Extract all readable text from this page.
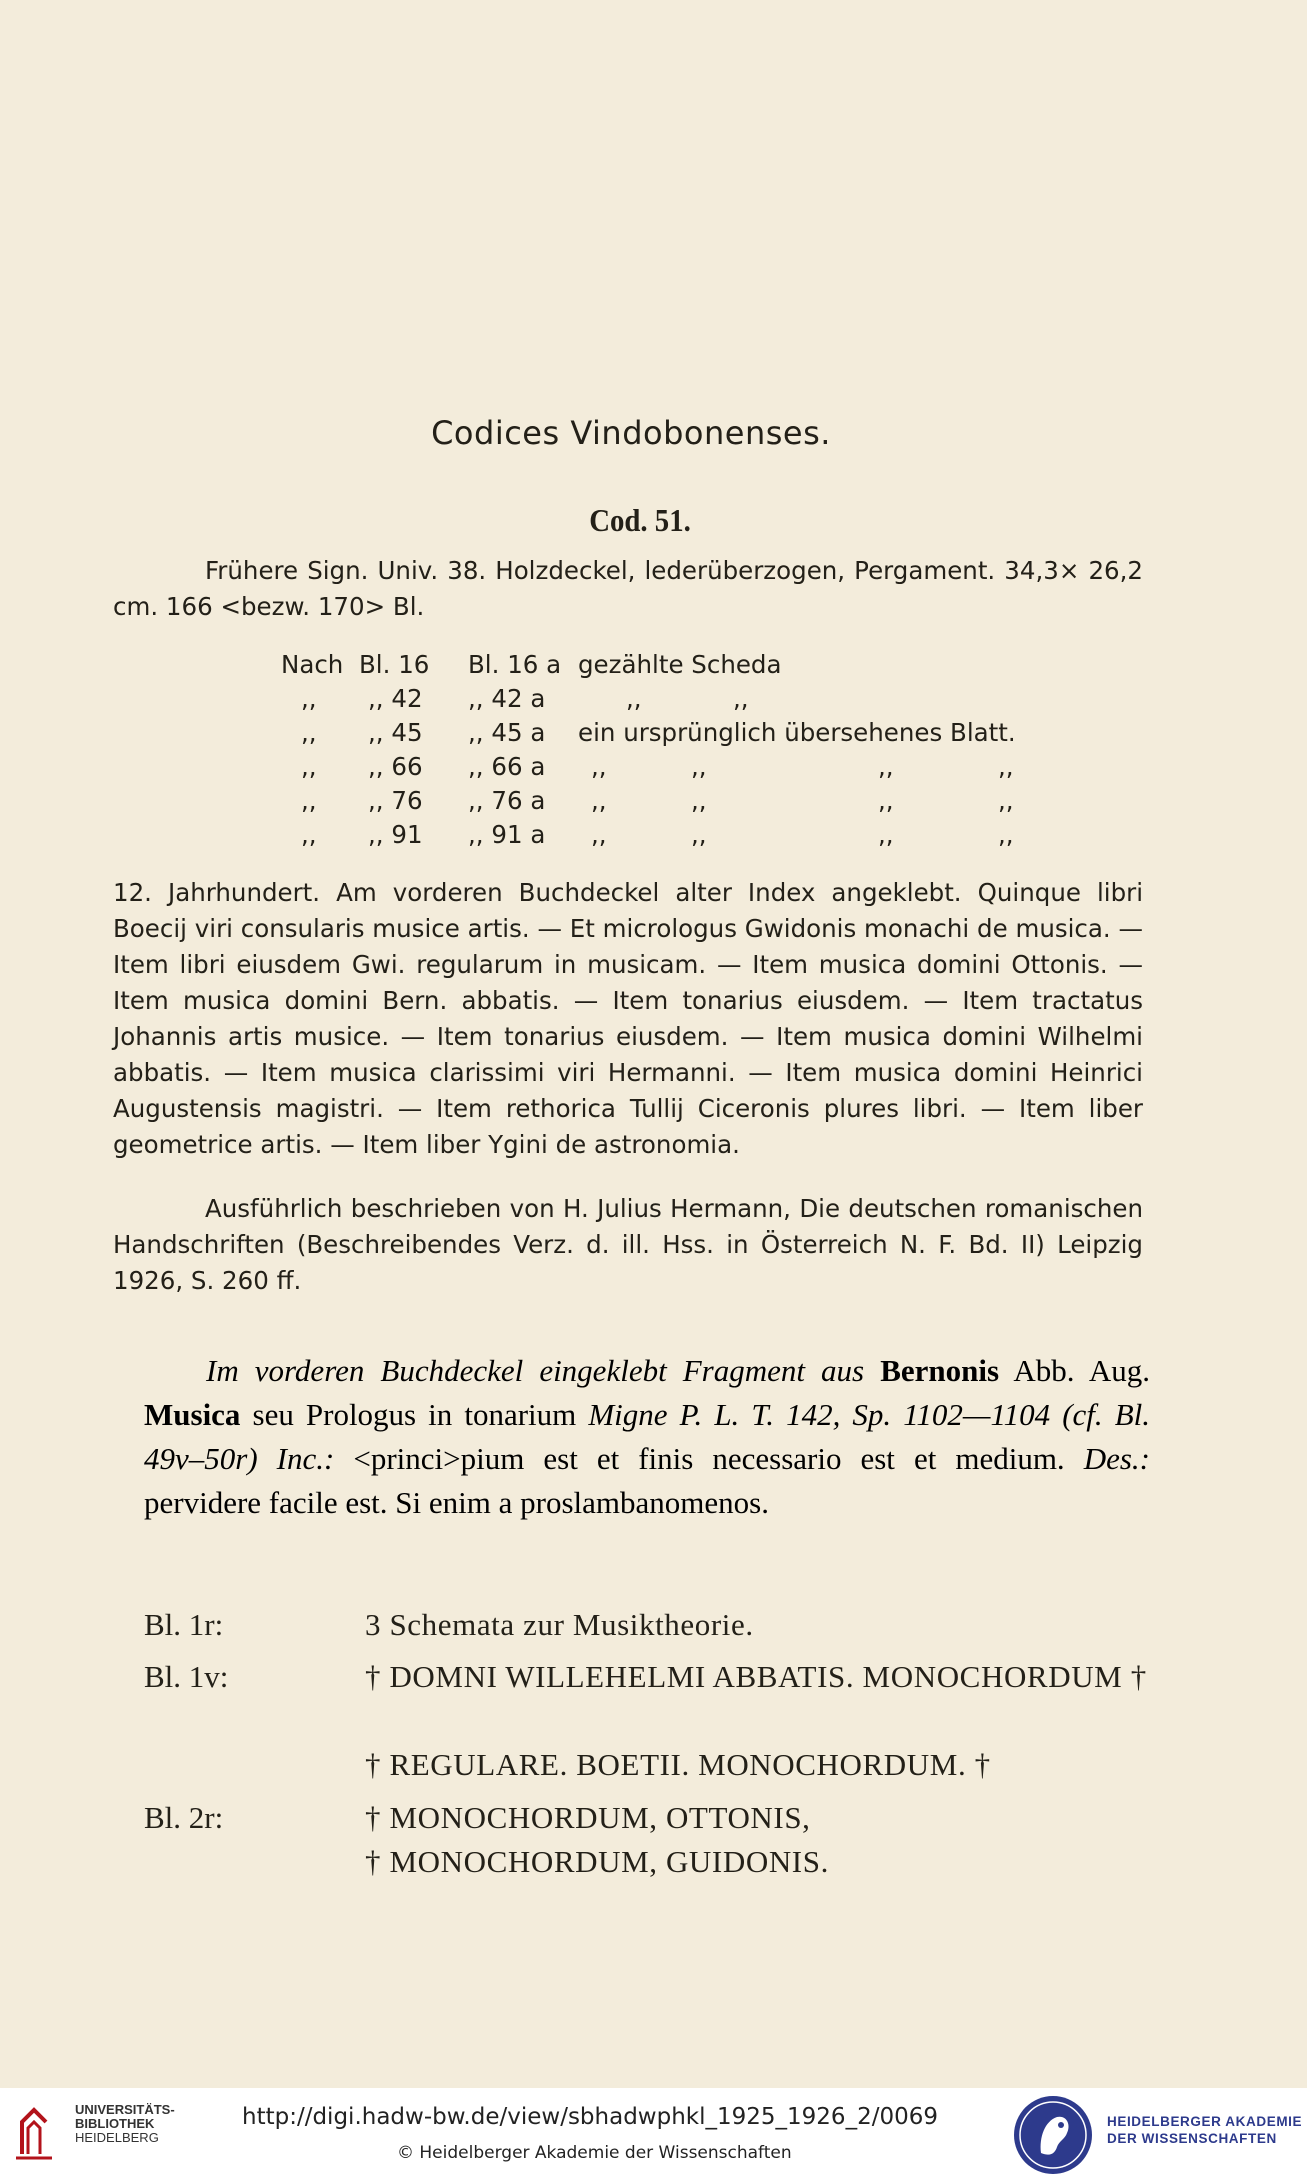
Codices Vindobonenses.
Cod. 51.
Frühere Sign. Univ. 38. Holzdeckel, lederüberzogen, Pergament. 34,3× 26,2 cm. 166 <bezw. 170> Bl.
Nach Bl. 16 Bl. 16 a gezählte Scheda
,, ,, 42 ,, 42 a	,,	,,
,, ,, 45 ,, 45 a ein ursprünglich übersehenes Blatt.
,, ,, 66 ,, 66 a ,,	,,	,,	,,
,, ,, 76 ,, 76 a ,,	,,	,,	,,
,, ,, 91 ,, 91 a ,,	,,	,,	,,
12. Jahrhundert. Am vorderen Buchdeckel alter Index angeklebt. Quinque libri Boecij viri consularis musice artis. — Et micrologus Gwidonis monachi de musica. — Item libri eiusdem Gwi. regularum in musicam. — Item musica domini Ottonis. — Item musica domini Bern. abbatis. — Item tonarius eiusdem. — Item tractatus Johannis artis musice. — Item tonarius eiusdem. — Item musica domini Wilhelmi abbatis. — Item musica clarissimi viri Hermanni. — Item musica domini Heinrici Augustensis magistri. — Item rethorica Tullij Ciceronis plures libri. — Item liber geometrice artis. — Item liber Ygini de astronomia.
Ausführlich beschrieben von H. Julius Hermann, Die deutschen romanischen Handschriften (Beschreibendes Verz. d. ill. Hss. in Österreich N. F. Bd. II) Leipzig 1926, S. 260 ff.
Im vorderen Buchdeckel eingeklebt Fragment aus Bernonis Abb. Aug. Musica seu Prologus in tonarium Migne P. L. T. 142, Sp. 1102—1104 (cf. Bl. 49v–50r) Inc.: <princi>pium est et finis necessario est et medium. Des.: pervidere facile est. Si enim a proslambanomenos.
Bl. 1r:	3 Schemata zur Musiktheorie.
Bl. 1v:	† DOMNI WILLEHELMI ABBATIS. MONOCHORDUM †
† REGULARE. BOETII. MONOCHORDUM. †
Bl. 2r:	† MONOCHORDUM, OTTONIS,
† MONOCHORDUM, GUIDONIS.
UNIVERSITÄTS-
BIBLIOTHEK
HEIDELBERG
http://digi.hadw-bw.de/view/sbhadwphkl_1925_1926_2/0069
© Heidelberger Akademie der Wissenschaften
HEIDELBERGER AKADEMIE
DER WISSENSCHAFTEN
